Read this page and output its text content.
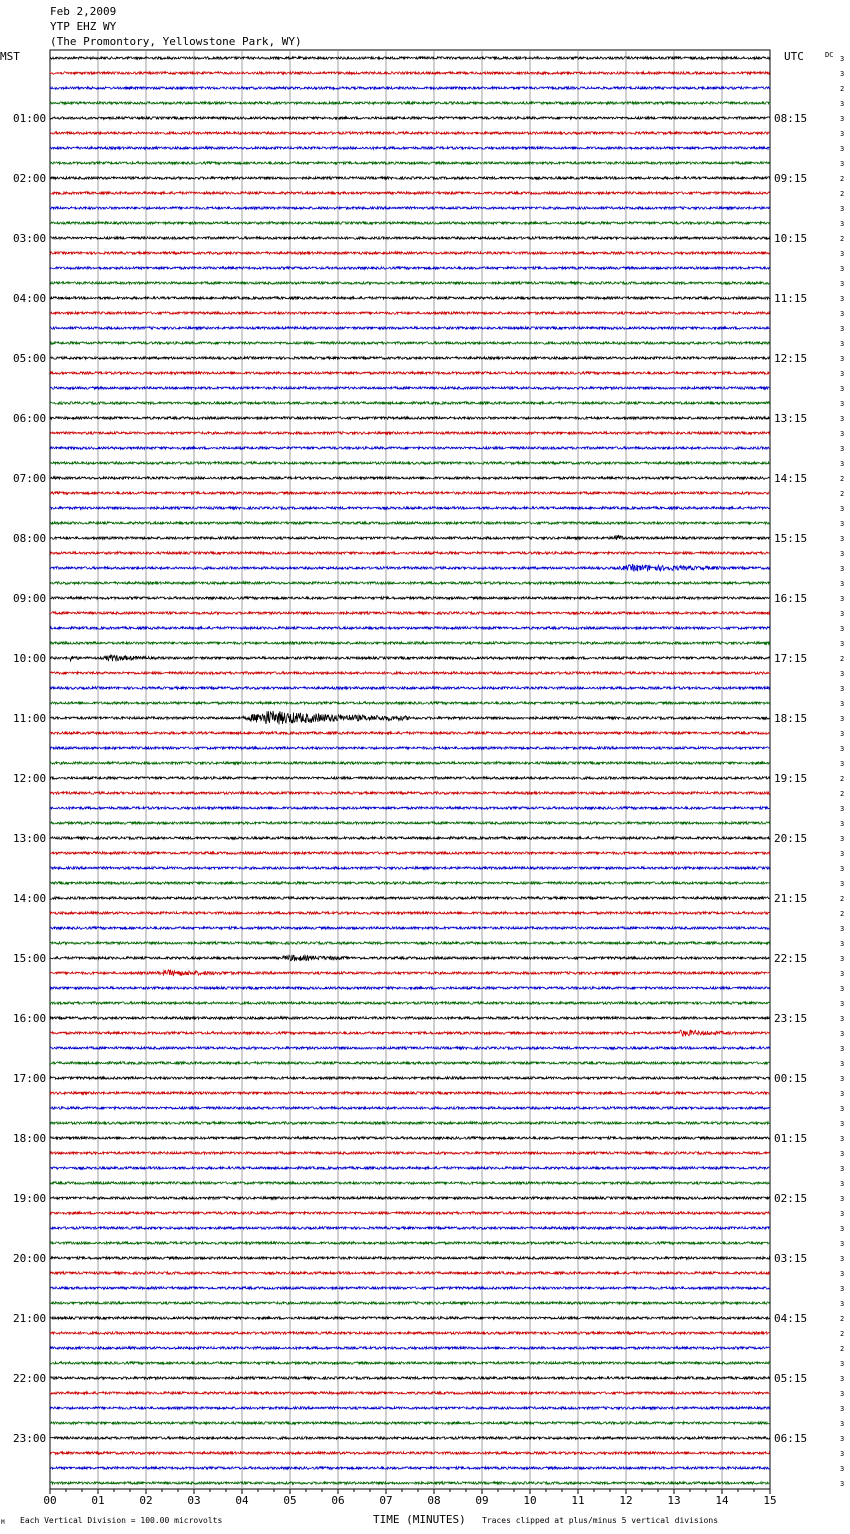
Feb 2,2009
YTP EHZ WY
(The Promontory, Yellowstone Park, WY)
00	01	02	03	04	05	06	07	08	09	10	11	12	13	14	15
MST	UTC	DC
01:00
02:00
03:00
04:00
05:00
06:00
07:00
08:00
09:00
10:00
11:00
12:00
13:00
14:00
15:00
16:00
17:00
18:00
19:00
20:00
21:00
22:00
23:00
08:15
09:15
10:15
11:15
12:15
13:15
14:15
15:15
16:15
17:15
18:15
19:15
20:15
21:15
22:15
23:15
00:15
01:15
02:15
03:15
04:15
05:15
06:15
3
3
2
3
3
3
3
3
2
2
3
3
2
3
3
3
3
3
3
3
3
3
3
3
3
3
3
3
2
2
3
3
3
3
3
3
3
3
3
3
2
3
3
3
3
3
3
3
2
2
3
3
3
3
3
3
2
2
3
3
3
3
3
3
3
3
3
3
3
3
3
3
3
3
3
3
3
3
3
3
3
3
3
3
2
2
2
3
3
3
3
3
3
3
3
3
M Each Vertical Division = 100.00 microvolts	TIME (MINUTES) Traces clipped at plus/minus 5 vertical divisions
